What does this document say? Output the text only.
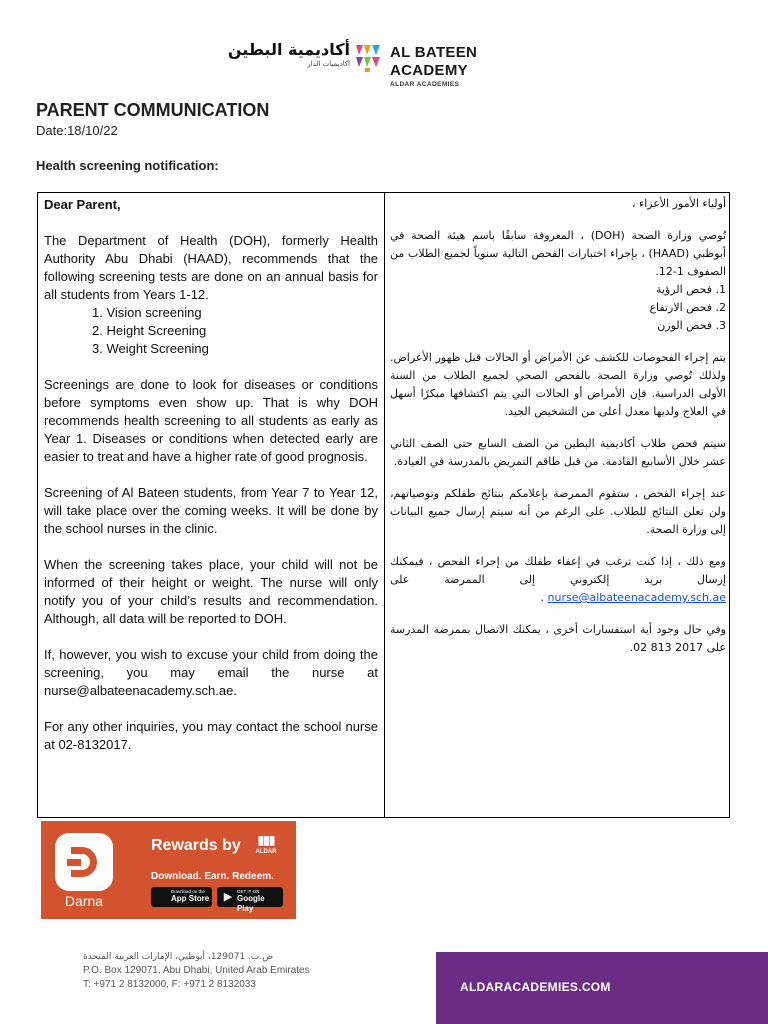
أكاديمية البطين
أكاديميات الدار
AL BATEEN ACADEMY
ALDAR ACADEMIES
PARENT COMMUNICATION
Date:18/10/22
Health screening notification:
Dear Parent,

The Department of Health (DOH), formerly Health Authority Abu Dhabi (HAAD), recommends that the following screening tests are done on an annual basis for all students from Years 1-12.

1. Vision screening
2. Height Screening
3. Weight Screening

Screenings are done to look for diseases or conditions before symptoms even show up. That is why DOH recommends health screening to all students as early as Year 1. Diseases or conditions when detected early are easier to treat and have a higher rate of good prognosis.

Screening of Al Bateen students, from Year 7 to Year 12, will take place over the coming weeks. It will be done by the school nurses in the clinic.

When the screening takes place, your child will not be informed of their height or weight. The nurse will only notify you of your child’s results and recommendation. Although, all data will be reported to DOH.

If, however, you wish to excuse your child from doing the screening, you may email the nurse at nurse@albateenacademy.sch.ae.

For any other inquiries, you may contact the school nurse at 02-8132017.

أولياء الأمور الأعزاء ،

تُوصي وزارة الصحة (DOH) ، المعروفة سابقًا باسم هيئة الصحة في أبوظبي (HAAD) ، بإجراء اختبارات الفحص التالية سنوياً لجميع الطلاب من الصفوف 1-12.

1. فحص الرؤية
2. فحص الارتفاع
3. فحص الوزن

يتم إجراء الفحوصات للكشف عن الأمراض أو الحالات قبل ظهور الأعراض. ولذلك تُوصي وزارة الصحة بالفحص الصحي لجميع الطلاب من السنة الأولى الدراسية. فإن الأمراض أو الحالات التي يتم اكتشافها مبكرًا أسهل في العلاج ولديها معدل أعلى من التشخيص الجيد.

سيتم فحص طلاب أكاديمية البطين من الصف السابع حتى الصف الثاني عشر خلال الأسابيع القادمة. من قبل طاقم التمريض بالمدرسة في العيادة.

عند إجراء الفحص ، ستقوم الممرضة بإعلامكم بنتائج طفلكم وتوصياتهم، ولن تعلن النتائج للطلاب. على الرغم من أنه سيتم إرسال جميع البيانات إلى وزارة الصحة.

ومع ذلك ، إذا كنت ترغب في إعفاء طفلك من إجراء الفحص ، فيمكنك إرسال بريد إلكتروني إلى الممرضة على nurse@albateenacademy.sch.ae .

وفي حال وجود أية استفسارات أخرى ، يمكنك الاتصال بممرضة المدرسة على 2017 813 02.

Darna
Rewards by	▮▮▮
ALDAR
Download. Earn. Redeem.
Download on the
App Store ▶	GET IT ON
Google Play
ص.ب. 129071، أبوظبي، الإمارات العربية المتحدة
P.O. Box 129071, Abu Dhabi, United Arab Emirates
T: +971 2 8132000, F: +971 2 8132033	ALDARACADEMIES.COM
